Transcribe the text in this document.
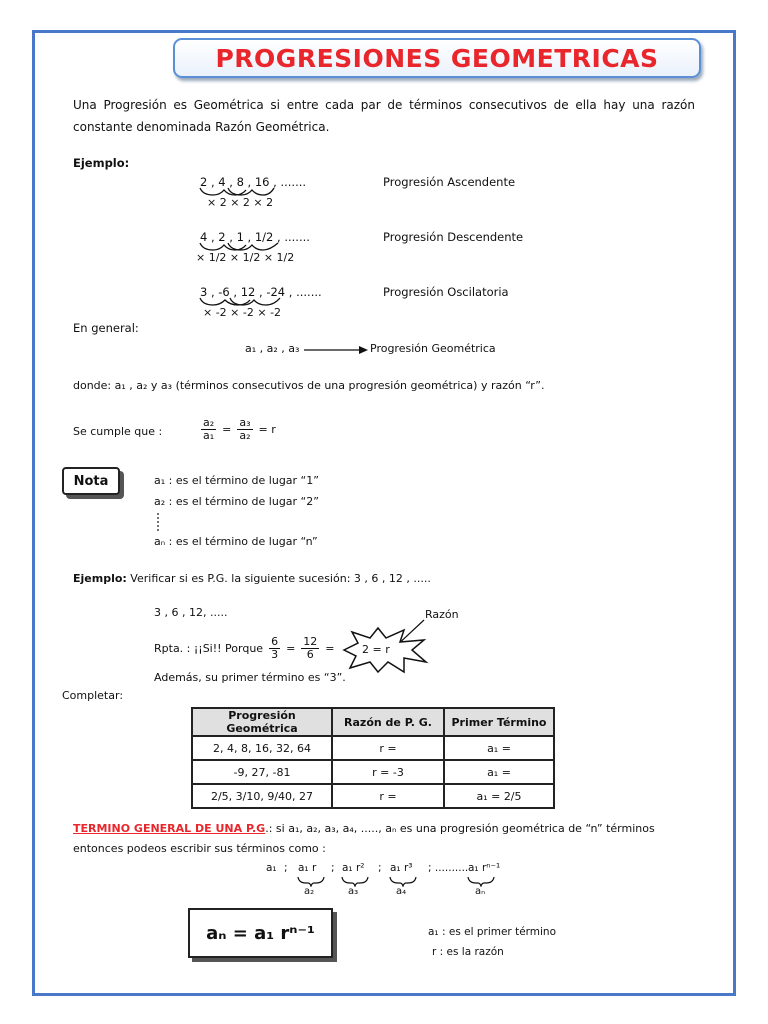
PROGRESIONES GEOMETRICAS
Una Progresión es Geométrica si entre cada par de términos consecutivos de ella hay una razón constante denominada Razón Geométrica.
Ejemplo:
2 , 4 , 8 , 16 , .......
× 2 × 2 × 2
Progresión Ascendente
4 , 2 , 1 , 1/2 , .......
× 1/2 × 1/2 × 1/2
Progresión Descendente
3 , -6 , 12 , -24 , .......
× -2 × -2 × -2
Progresión Oscilatoria
En general:
a₁ , a₂ , a₃	Progresión Geométrica
donde: a₁ , a₂ y a₃ (términos consecutivos de una progresión geométrica) y razón “r”.
Se cumple que :	$\frac{\text{a₂}}{\text{a₁}} = \frac{\text{a₃}}{\text{a₂}} = r$
Nota	a₁ : es el término de lugar “1”
a₂ : es el término de lugar “2”
aₙ : es el término de lugar “n”
Ejemplo: Verificar si es P.G. la siguiente sucesión: 3 , 6 , 12 , .....
3 , 6 , 12, .....	Razón
Rpta. : ¡¡Si!! Porque $\frac{6}{3} = \frac{12}{6} = 2 = r$
Además, su primer término es “3”.
Completar:
Progresión Geométrica	Razón de P. G.	Primer Término
2, 4, 8, 16, 32, 64	r =	a₁ =
-9, 27, -81	r = -3	a₁ =
2/5, 3/10, 9/40, 27	r =	a₁ = 2/5
TERMINO GENERAL DE UNA P.G.: si a₁, a₂, a₃, a₄, ....., aₙ es una progresión geométrica de “n” términos
entonces podeos escribir sus términos como :
a₁ ; a₁ r ; a₁ r² ; a₁ r³ ; .......... a₁ rⁿ⁻¹
a₂	a₃	a₄	aₙ
aₙ = a₁ rⁿ⁻¹	a₁ : es el primer término
r : es la razón
